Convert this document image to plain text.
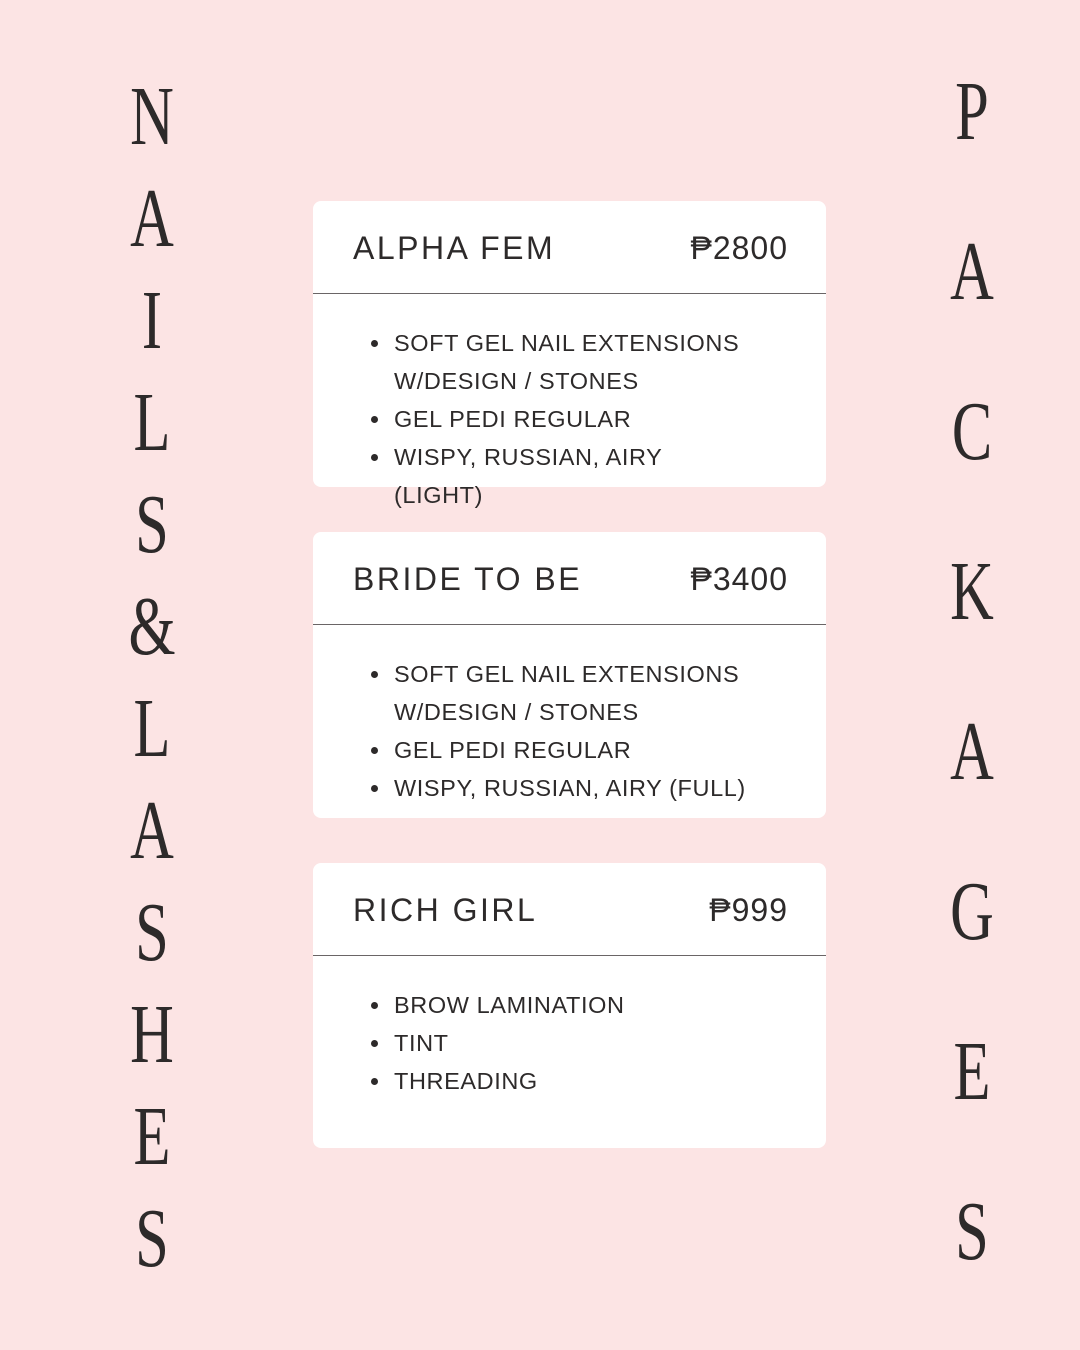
N
A
I
L
S
&
L
A
S
H
E
S
P
A
C
K
A
G
E
S
ALPHA FEM	₱2800
SOFT GEL NAIL EXTENSIONS W/DESIGN / STONES
GEL PEDI REGULAR
WISPY, RUSSIAN, AIRY (LIGHT)
BRIDE TO BE	₱3400
SOFT GEL NAIL EXTENSIONS W/DESIGN / STONES
GEL PEDI REGULAR
WISPY, RUSSIAN, AIRY (FULL)
RICH GIRL	₱999
BROW LAMINATION
TINT
THREADING
